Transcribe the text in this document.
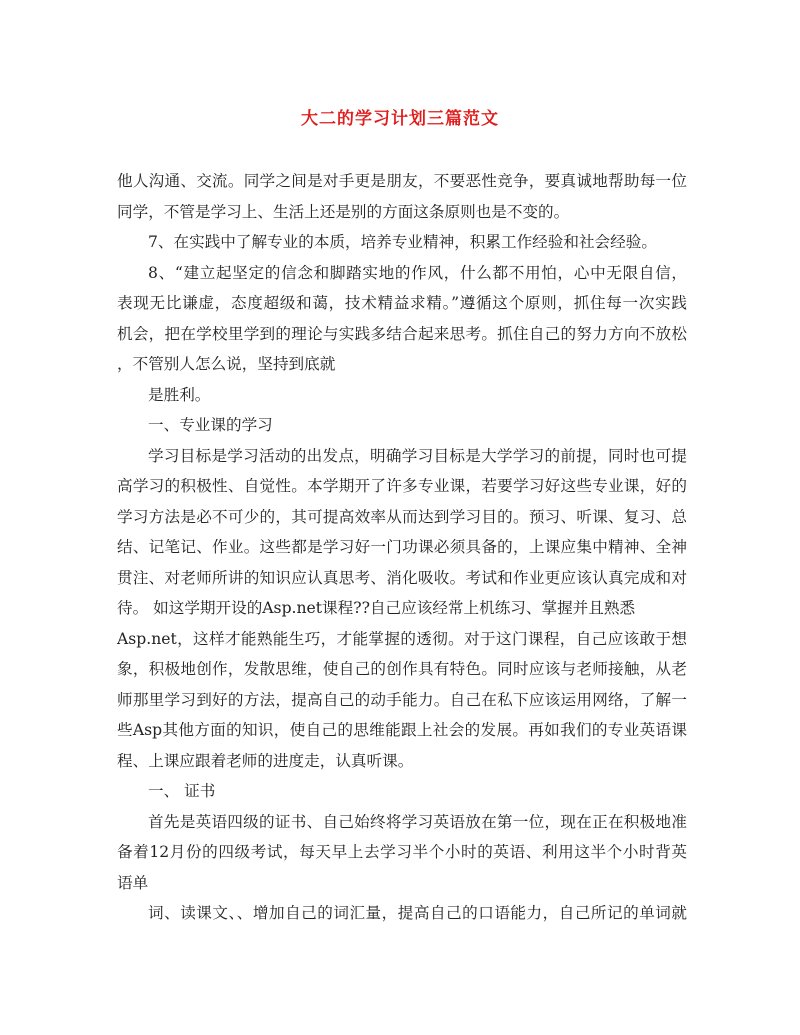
大二的学习计划三篇范文

他人沟通、交流。同学之间是对手更是朋友，不要恶性竞争，要真诚地帮助每一位

同学，不管是学习上、生活上还是别的方面这条原则也是不变的。

7、在实践中了解专业的本质，培养专业精神，积累工作经验和社会经验。

8、“建立起坚定的信念和脚踏实地的作风，什么都不用怕，心中无限自信，

表现无比谦虚，态度超级和蔼，技术精益求精。”遵循这个原则，抓住每一次实践

机会，把在学校里学到的理论与实践多结合起来思考。抓住自己的努力方向不放松

，不管别人怎么说，坚持到底就

是胜利。

一、专业课的学习

学习目标是学习活动的出发点，明确学习目标是大学学习的前提，同时也可提

高学习的积极性、自觉性。本学期开了许多专业课，若要学习好这些专业课，好的

学习方法是必不可少的，其可提高效率从而达到学习目的。预习、听课、复习、总

结、记笔记、作业。这些都是学习好一门功课必须具备的，上课应集中精神、全神

贯注、对老师所讲的知识应认真思考、消化吸收。考试和作业更应该认真完成和对

待。 如这学期开设的Asp.net课程??自己应该经常上机练习、掌握并且熟悉

Asp.net，这样才能熟能生巧，才能掌握的透彻。对于这门课程，自己应该敢于想

象，积极地创作，发散思维，使自己的创作具有特色。同时应该与老师接触，从老

师那里学习到好的方法，提高自己的动手能力。自己在私下应该运用网络，了解一

些Asp其他方面的知识，使自己的思维能跟上社会的发展。再如我们的专业英语课

程、上课应跟着老师的进度走，认真听课。

一、 证书

首先是英语四级的证书、自己始终将学习英语放在第一位，现在正在积极地准

备着12月份的四级考试，每天早上去学习半个小时的英语、利用这半个小时背英

语单

词、读课文、、增加自己的词汇量，提高自己的口语能力，自己所记的单词就
